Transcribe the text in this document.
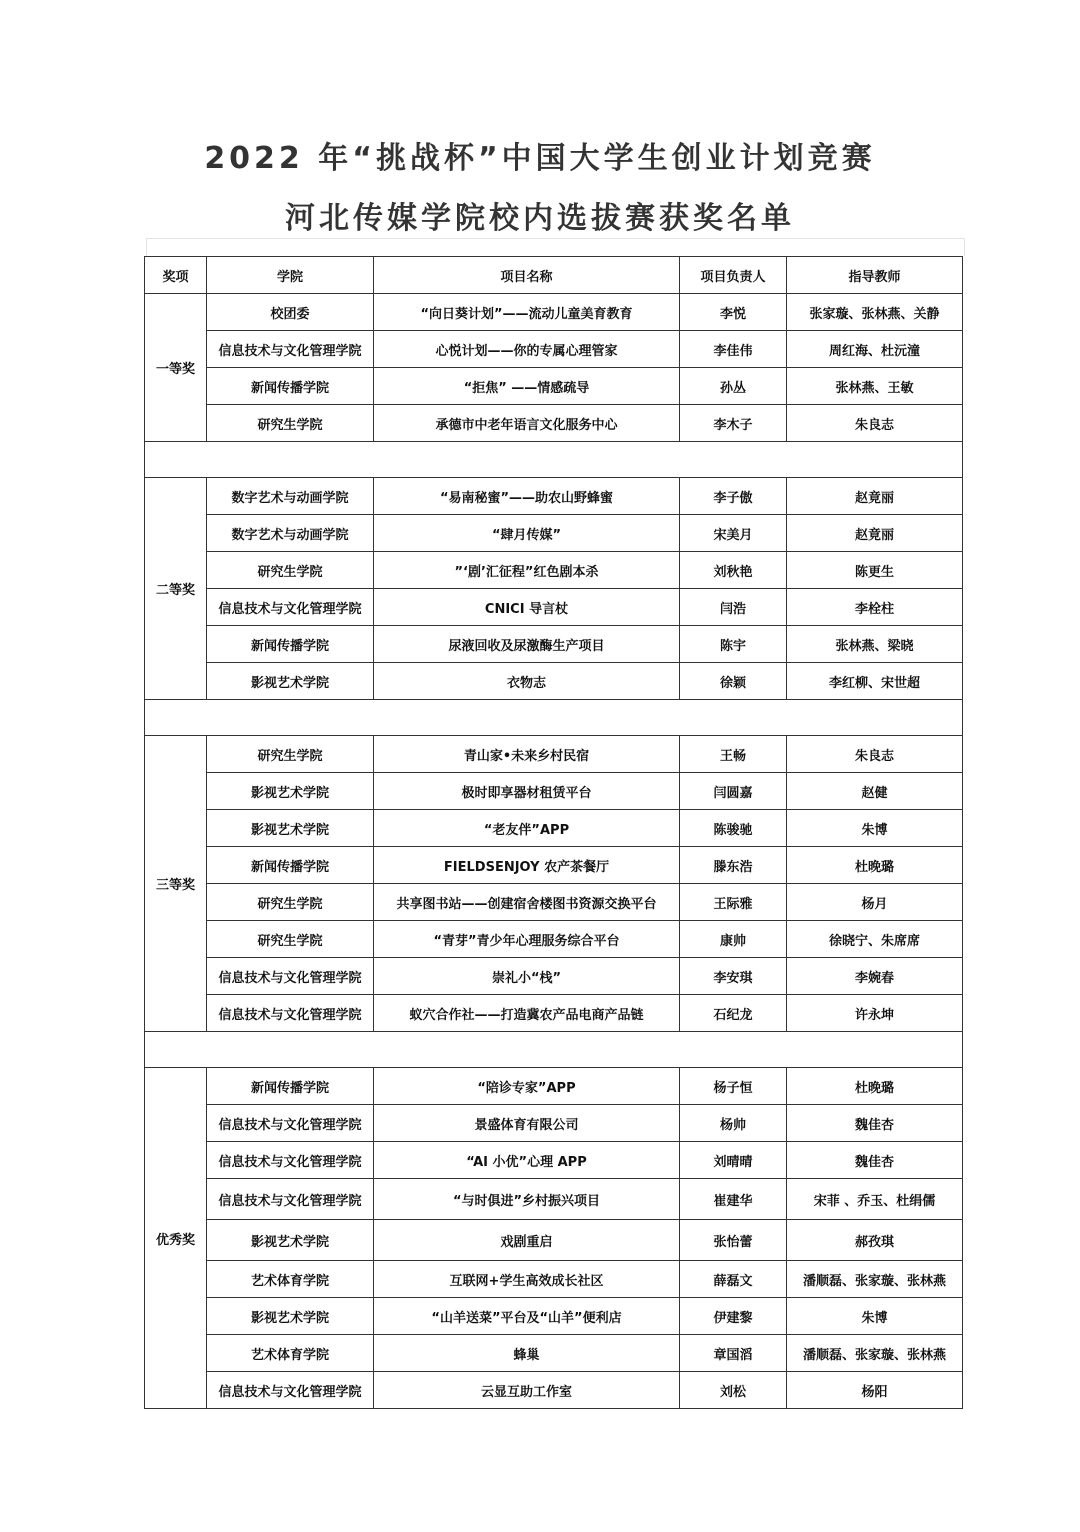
2022 年“挑战杯”中国大学生创业计划竞赛
河北传媒学院校内选拔赛获奖名单
奖项	学院	项目名称	项目负责人	指导教师
一等奖	校团委	“向日葵计划”——流动儿童美育教育	李悦	张家璇、张林燕、关静
	信息技术与文化管理学院	心悦计划——你的专属心理管家	李佳伟	周红海、杜沅潼
	新闻传播学院	“拒焦” ——情感疏导	孙丛	张林燕、王敏
	研究生学院	承德市中老年语言文化服务中心	李木子	朱良志

二等奖	数字艺术与动画学院	“易南秘蜜”——助农山野蜂蜜	李子傲	赵竟丽
	数字艺术与动画学院	“肆月传媒”	宋美月	赵竟丽
	研究生学院	”‘剧’汇征程”红色剧本杀	刘秋艳	陈更生
	信息技术与文化管理学院	CNICI 导言杖	闫浩	李栓柱
	新闻传播学院	尿液回收及尿激酶生产项目	陈宇	张林燕、梁晓
	影视艺术学院	衣物志	徐颖	李红柳、宋世超

三等奖	研究生学院	青山家•未来乡村民宿	王畅	朱良志
	影视艺术学院	极时即享器材租赁平台	闫圆嘉	赵健
	影视艺术学院	“老友伴”APP	陈骏驰	朱博
	新闻传播学院	FIELDSENJOY 农产茶餐厅	滕东浩	杜晚璐
	研究生学院	共享图书站——创建宿舍楼图书资源交换平台	王际雅	杨月
	研究生学院	“青芽”青少年心理服务综合平台	康帅	徐晓宁、朱席席
	信息技术与文化管理学院	崇礼小“栈”	李安琪	李婉春
	信息技术与文化管理学院	蚁穴合作社——打造冀农产品电商产品链	石纪龙	许永坤

优秀奖	新闻传播学院	“陪诊专家”APP	杨子恒	杜晚璐
	信息技术与文化管理学院	景盛体育有限公司	杨帅	魏佳杏
	信息技术与文化管理学院	“AI 小优”心理 APP	刘晴晴	魏佳杏
	信息技术与文化管理学院	“与时俱进”乡村振兴项目	崔建华	宋菲 、乔玉、杜绢儒
	影视艺术学院	戏剧重启	张怡蕾	郝孜琪
	艺术体育学院	互联网+学生高效成长社区	薛磊文	潘顺磊、张家璇、张林燕
	影视艺术学院	“山羊送菜”平台及“山羊”便利店	伊建黎	朱博
	艺术体育学院	蜂巢	章国滔	潘顺磊、张家璇、张林燕
	信息技术与文化管理学院	云显互助工作室	刘松	杨阳
